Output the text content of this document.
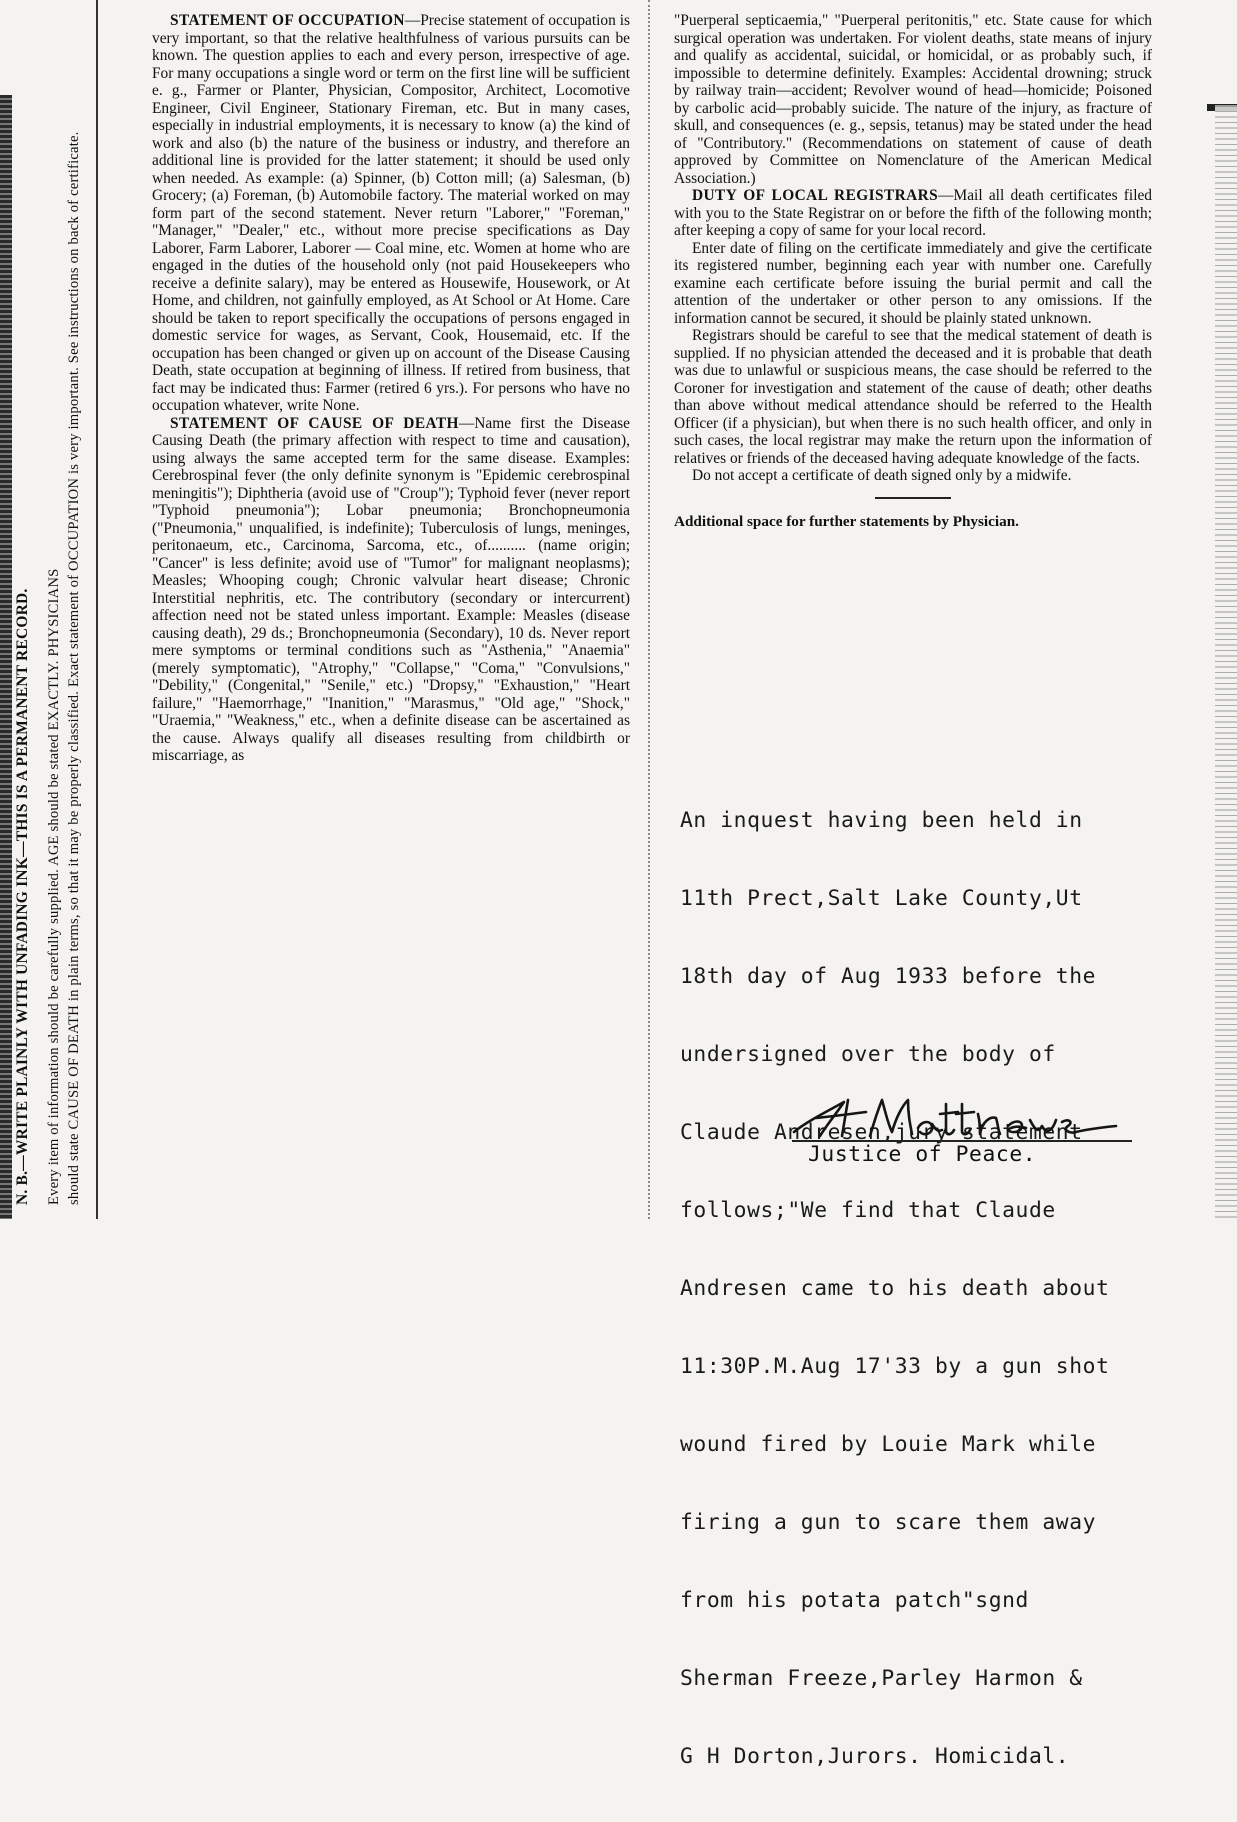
N. B.—WRITE PLAINLY WITH UNFADING INK—THIS IS A PERMANENT RECORD. Every item of information should be carefully supplied. AGE should be stated EXACTLY. PHYSICIANS should state CAUSE OF DEATH in plain terms, so that it may be properly classified. Exact statement of OCCUPATION is very important. See instructions on back of certificate.

STATEMENT OF OCCUPATION—Precise statement of occupation is very important, so that the relative healthfulness of various pursuits can be known. The question applies to each and every person, irrespective of age. For many occupations a single word or term on the first line will be sufficient e. g., Farmer or Planter, Physician, Compositor, Architect, Locomotive Engineer, Civil Engineer, Stationary Fireman, etc. But in many cases, especially in industrial employments, it is necessary to know (a) the kind of work and also (b) the nature of the business or industry, and therefore an additional line is provided for the latter statement; it should be used only when needed. As example: (a) Spinner, (b) Cotton mill; (a) Salesman, (b) Grocery; (a) Foreman, (b) Automobile factory. The material worked on may form part of the second statement. Never return "Laborer," "Foreman," "Manager," "Dealer," etc., without more precise specifications as Day Laborer, Farm Laborer, Laborer — Coal mine, etc. Women at home who are engaged in the duties of the household only (not paid Housekeepers who receive a definite salary), may be entered as Housewife, Housework, or At Home, and children, not gainfully employed, as At School or At Home. Care should be taken to report specifically the occupations of persons engaged in domestic service for wages, as Servant, Cook, Housemaid, etc. If the occupation has been changed or given up on account of the Disease Causing Death, state occupation at beginning of illness. If retired from business, that fact may be indicated thus: Farmer (retired 6 yrs.). For persons who have no occupation whatever, write None.

STATEMENT OF CAUSE OF DEATH—Name first the Disease Causing Death (the primary affection with respect to time and causation), using always the same accepted term for the same disease. Examples: Cerebrospinal fever (the only definite synonym is "Epidemic cerebrospinal meningitis"); Diphtheria (avoid use of "Croup"); Typhoid fever (never report "Typhoid pneumonia"); Lobar pneumonia; Bronchopneumonia ("Pneumonia," unqualified, is indefinite); Tuberculosis of lungs, meninges, peritonaeum, etc., Carcinoma, Sarcoma, etc., of.......... (name origin; "Cancer" is less definite; avoid use of "Tumor" for malignant neoplasms); Measles; Whooping cough; Chronic valvular heart disease; Chronic Interstitial nephritis, etc. The contributory (secondary or intercurrent) affection need not be stated unless important. Example: Measles (disease causing death), 29 ds.; Bronchopneumonia (Secondary), 10 ds. Never report mere symptoms or terminal conditions such as "Asthenia," "Anaemia" (merely symptomatic), "Atrophy," "Collapse," "Coma," "Convulsions," "Debility," (Congenital," "Senile," etc.) "Dropsy," "Exhaustion," "Heart failure," "Haemorrhage," "Inanition," "Marasmus," "Old age," "Shock," "Uraemia," "Weakness," etc., when a definite disease can be ascertained as the cause. Always qualify all diseases resulting from childbirth or miscarriage, as

"Puerperal septicaemia," "Puerperal peritonitis," etc. State cause for which surgical operation was undertaken. For violent deaths, state means of injury and qualify as accidental, suicidal, or homicidal, or as probably such, if impossible to determine definitely. Examples: Accidental drowning; struck by railway train—accident; Revolver wound of head—homicide; Poisoned by carbolic acid—probably suicide. The nature of the injury, as fracture of skull, and consequences (e. g., sepsis, tetanus) may be stated under the head of "Contributory." (Recommendations on statement of cause of death approved by Committee on Nomenclature of the American Medical Association.)

DUTY OF LOCAL REGISTRARS—Mail all death certificates filed with you to the State Registrar on or before the fifth of the following month; after keeping a copy of same for your local record.

Enter date of filing on the certificate immediately and give the certificate its registered number, beginning each year with number one. Carefully examine each certificate before issuing the burial permit and call the attention of the undertaker or other person to any omissions. If the information cannot be secured, it should be plainly stated unknown.

Registrars should be careful to see that the medical statement of death is supplied. If no physician attended the deceased and it is probable that death was due to unlawful or suspicious means, the case should be referred to the Coroner for investigation and statement of the cause of death; other deaths than above without medical attendance should be referred to the Health Officer (if a physician), but when there is no such health officer, and only in such cases, the local registrar may make the return upon the information of relatives or friends of the deceased having adequate knowledge of the facts.

Do not accept a certificate of death signed only by a midwife.

Additional space for further statements by Physician.

An inquest having been held in

11th Prect,Salt Lake County,Ut

18th day of Aug 1933 before the

undersigned over the body of

Claude Andresen,jury statement

follows;"We find that Claude

Andresen came to his death about

11:30P.M.Aug 17'33 by a gun shot

wound fired by Louie Mark while

firing a gun to scare them away

from his potata patch"sgnd

Sherman Freeze,Parley Harmon &

G H Dorton,Jurors. Homicidal.

Justice of Peace.
